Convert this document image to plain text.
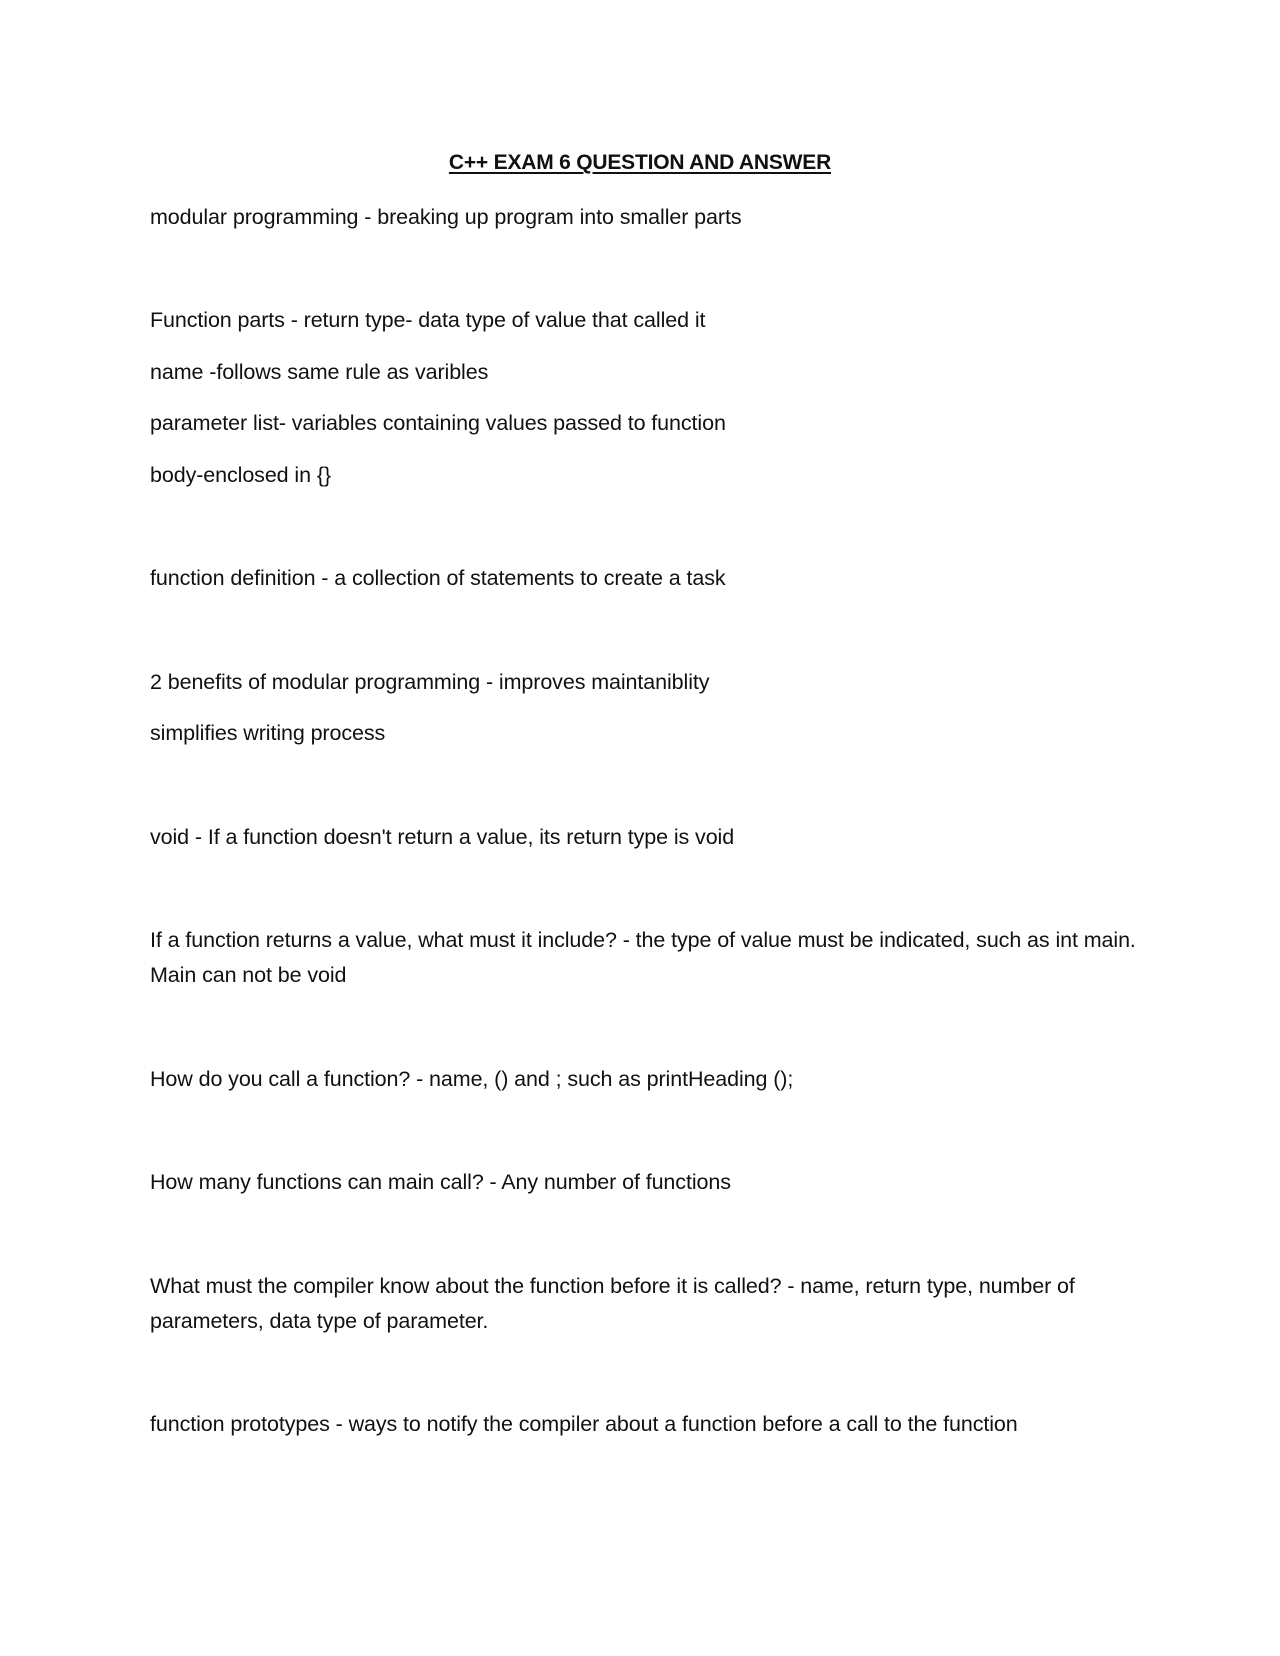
C++ EXAM 6 QUESTION AND ANSWER

modular programming - breaking up program into smaller parts

Function parts - return type- data type of value that called it

name -follows same rule as varibles

parameter list- variables containing values passed to function

body-enclosed in {}

function definition - a collection of statements to create a task

2 benefits of modular programming - improves maintaniblity

simplifies writing process

void - If a function doesn't return a value, its return type is void

If a function returns a value, what must it include? - the type of value must be indicated, such as int main. Main can not be void

How do you call a function? - name, () and ; such as printHeading ();

How many functions can main call? - Any number of functions

What must the compiler know about the function before it is called? - name, return type, number of parameters, data type of parameter.

function prototypes - ways to notify the compiler about a function before a call to the function
